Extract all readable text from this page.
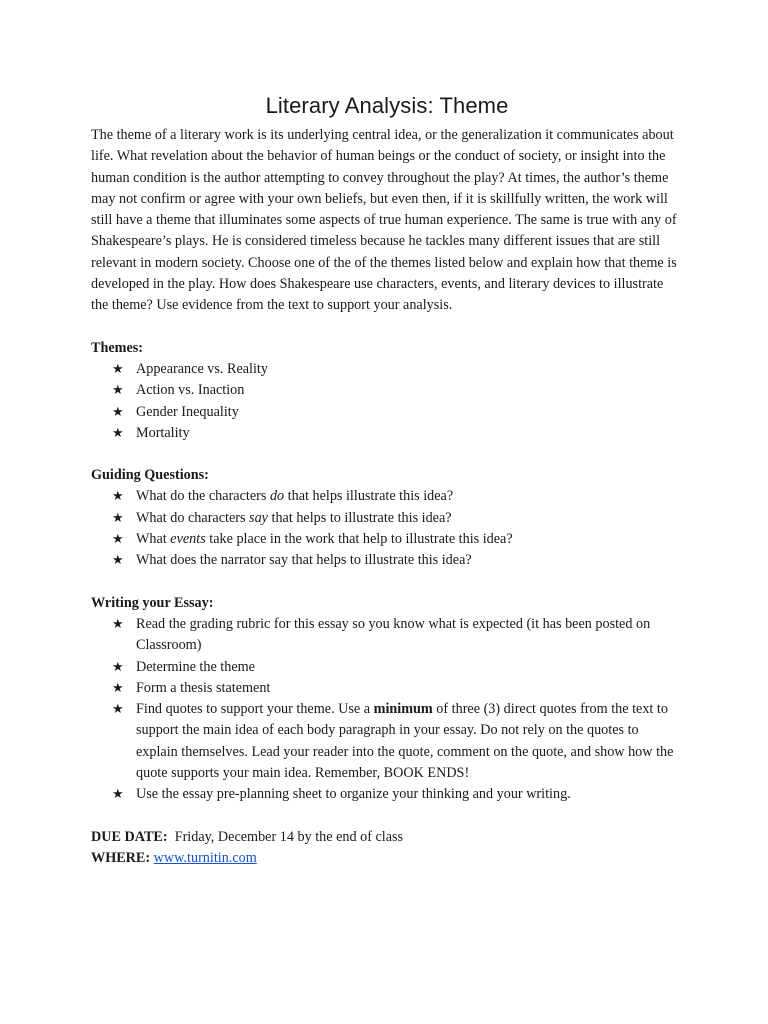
Literary Analysis: Theme

The theme of a literary work is its underlying central idea, or the generalization it communicates about life. What revelation about the behavior of human beings or the conduct of society, or insight into the human condition is the author attempting to convey throughout the play? At times, the author’s theme may not confirm or agree with your own beliefs, but even then, if it is skillfully written, the work will still have a theme that illuminates some aspects of true human experience. The same is true with any of Shakespeare’s plays. He is considered timeless because he tackles many different issues that are still relevant in modern society. Choose one of the of the themes listed below and explain how that theme is developed in the play. How does Shakespeare use characters, events, and literary devices to illustrate the theme? Use evidence from the text to support your analysis.

Themes:
★ Appearance vs. Reality
★ Action vs. Inaction
★ Gender Inequality
★ Mortality
Guiding Questions:
★ What do the characters do that helps illustrate this idea?
★ What do characters say that helps to illustrate this idea?
★ What events take place in the work that help to illustrate this idea?
★ What does the narrator say that helps to illustrate this idea?
Writing your Essay:
★ Read the grading rubric for this essay so you know what is expected (it has been posted on Classroom)
★ Determine the theme
★ Form a thesis statement
★ Find quotes to support your theme. Use a minimum of three (3) direct quotes from the text to support the main idea of each body paragraph in your essay. Do not rely on the quotes to explain themselves. Lead your reader into the quote, comment on the quote, and show how the quote supports your main idea. Remember, BOOK ENDS!
★ Use the essay pre-planning sheet to organize your thinking and your writing.
DUE DATE:  Friday, December 14 by the end of class
WHERE: www.turnitin.com
